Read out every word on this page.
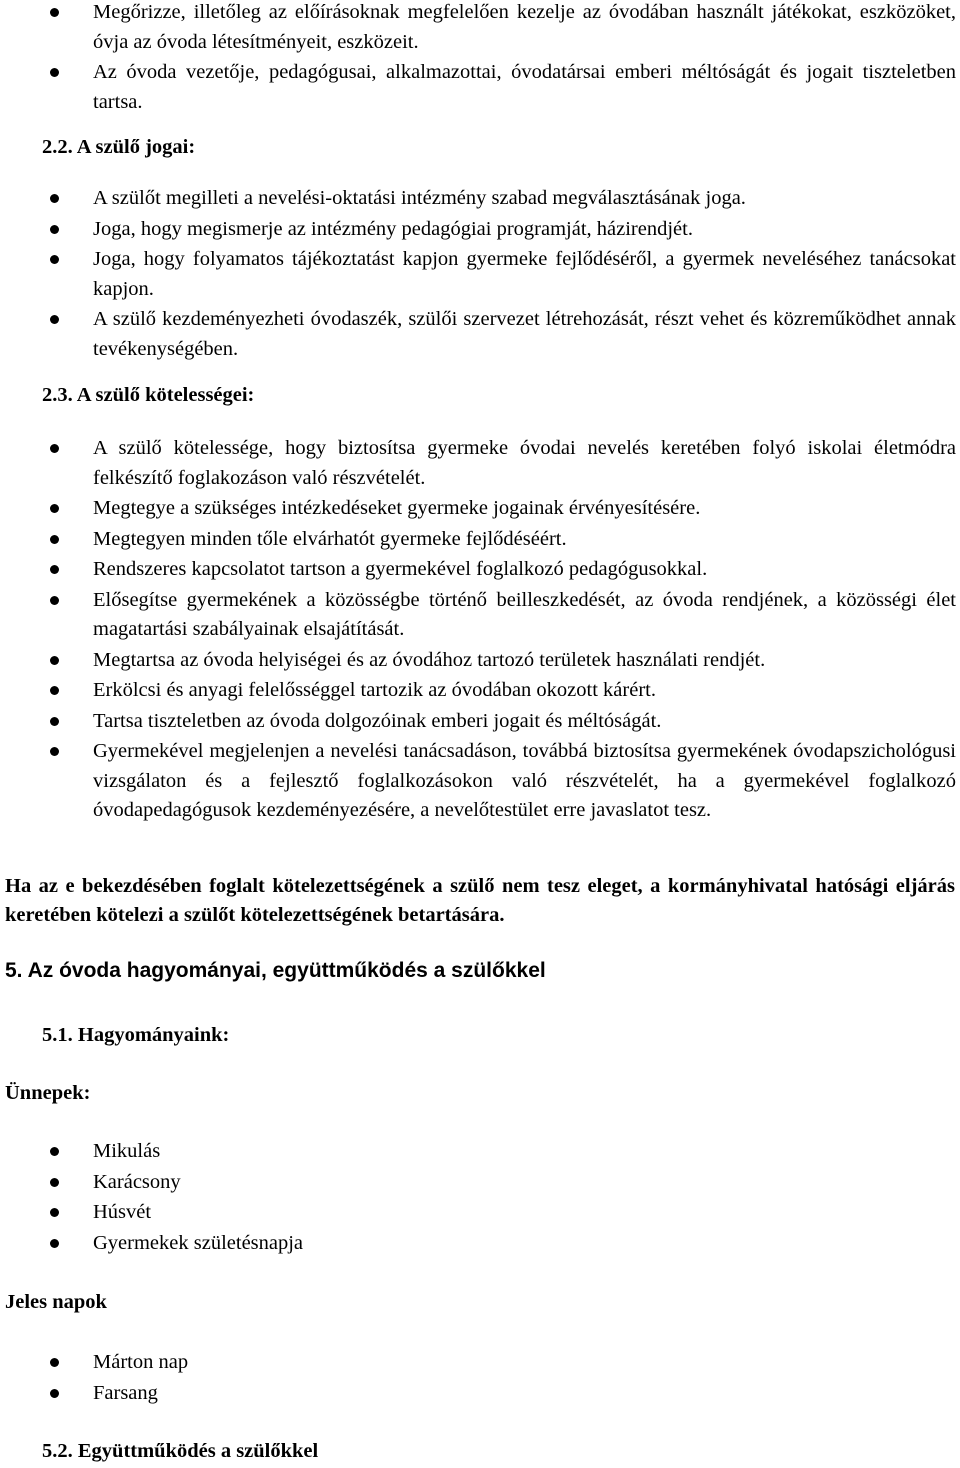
Megőrizze, illetőleg az előírásoknak megfelelően kezelje az óvodában használt játékokat, eszközöket, óvja az óvoda létesítményeit, eszközeit.
Az óvoda vezetője, pedagógusai, alkalmazottai, óvodatársai emberi méltóságát és jogait tiszteletben tartsa.
2.2. A szülő jogai:
A szülőt megilleti a nevelési-oktatási intézmény szabad megválasztásának joga.
Joga, hogy megismerje az intézmény pedagógiai programját, házirendjét.
Joga, hogy folyamatos tájékoztatást kapjon gyermeke fejlődéséről, a gyermek neveléséhez tanácsokat kapjon.
A szülő kezdeményezheti óvodaszék, szülői szervezet létrehozását, részt vehet és közreműködhet annak tevékenységében.
2.3. A szülő kötelességei:
A szülő kötelessége, hogy biztosítsa gyermeke óvodai nevelés keretében folyó iskolai életmódra felkészítő foglakozáson való részvételét.
Megtegye a szükséges intézkedéseket gyermeke jogainak érvényesítésére.
Megtegyen minden tőle elvárhatót gyermeke fejlődéséért.
Rendszeres kapcsolatot tartson a gyermekével foglalkozó pedagógusokkal.
Elősegítse gyermekének a közösségbe történő beilleszkedését, az óvoda rendjének, a közösségi élet magatartási szabályainak elsajátítását.
Megtartsa az óvoda helyiségei és az óvodához tartozó területek használati rendjét.
Erkölcsi és anyagi felelősséggel tartozik az óvodában okozott kárért.
Tartsa tiszteletben az óvoda dolgozóinak emberi jogait és méltóságát.
Gyermekével megjelenjen a nevelési tanácsadáson, továbbá biztosítsa gyermekének óvodapszichológusi vizsgálaton és a fejlesztő foglalkozásokon való részvételét, ha a gyermekével foglalkozó óvodapedagógusok kezdeményezésére, a nevelőtestület erre javaslatot tesz.
Ha az e bekezdésében foglalt kötelezettségének a szülő nem tesz eleget, a kormányhivatal hatósági eljárás keretében kötelezi a szülőt kötelezettségének betartására.
5. Az óvoda hagyományai, együttműködés a szülőkkel
5.1. Hagyományaink:
Ünnepek:
Mikulás
Karácsony
Húsvét
Gyermekek születésnapja
Jeles napok
Márton nap
Farsang
5.2. Együttműködés a szülőkkel
